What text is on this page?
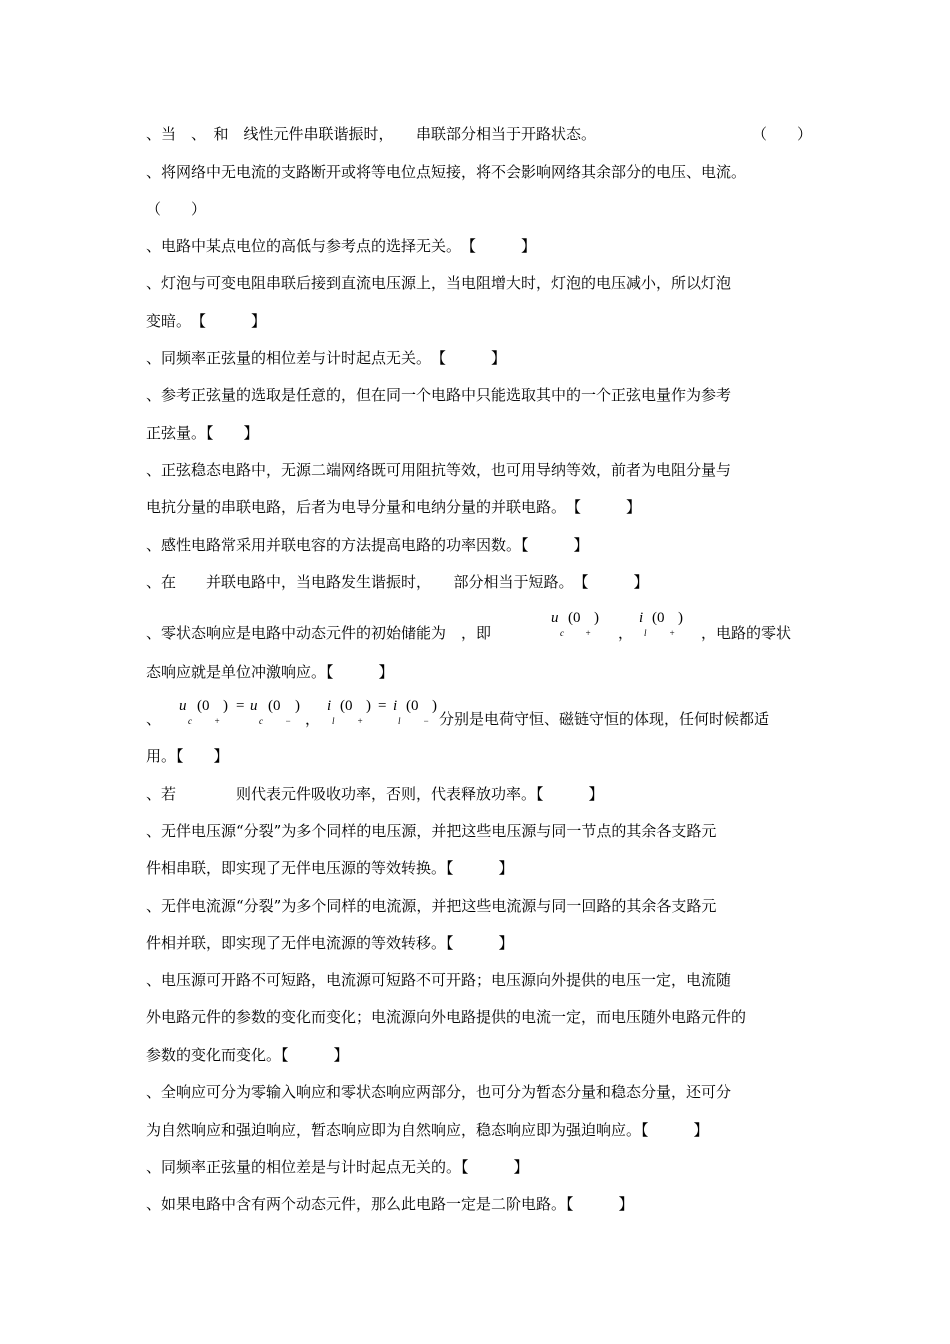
、当　、　和　线性元件串联谐振时，　　串联部分相当于开路状态。	（　　）
、将网络中无电流的支路断开或将等电位点短接，将不会影响网络其余部分的电压、电流。
（　　）
、电路中某点电位的高低与参考点的选择无关。　【　　　】
、灯泡与可变电阻串联后接到直流电压源上，当电阻增大时，灯泡的电压减小，所以灯泡
变暗。　【　　　】
、同频率正弦量的相位差与计时起点无关。　【　　　】
、参考正弦量的选取是任意的，但在同一个电路中只能选取其中的一个正弦电量作为参考
正弦量。【　　】
、正弦稳态电路中，无源二端网络既可用阻抗等效，也可用导纳等效，前者为电阻分量与
电抗分量的串联电路，后者为电导分量和电纳分量的并联电路。　【　　　】
、感性电路常采用并联电容的方法提高电路的功率因数。【　　　】
、在　　并联电路中，当电路发生谐振时，　　部分相当于短路。　【　　　】
、零状态响应是电路中动态元件的初始储能为　，即
u
c
(0
+
)
，
i
l
(0
+
)
，电路的零状
态响应就是单位冲激响应。【　　　】
、
u
c
(0
+
) = u
c
(0
−
)
，
i
l
(0
+
) = i
l
(0
−
)
分别是电荷守恒、磁链守恒的体现，任何时候都适
用。【　　】
、若　　　　则代表元件吸收功率，否则，代表释放功率。【　　　】
、无伴电压源“分裂”为多个同样的电压源，并把这些电压源与同一节点的其余各支路元
件相串联，即实现了无伴电压源的等效转换。【　　　】
、无伴电流源“分裂”为多个同样的电流源，并把这些电流源与同一回路的其余各支路元
件相并联，即实现了无伴电流源的等效转移。【　　　】
、电压源可开路不可短路，电流源可短路不可开路；电压源向外提供的电压一定，电流随
外电路元件的参数的变化而变化；电流源向外电路提供的电流一定，而电压随外电路元件的
参数的变化而变化。【　　　】
、全响应可分为零输入响应和零状态响应两部分，也可分为暂态分量和稳态分量，还可分
为自然响应和强迫响应，暂态响应即为自然响应，稳态响应即为强迫响应。【　　　】
、同频率正弦量的相位差是与计时起点无关的。【　　　】
、如果电路中含有两个动态元件，那么此电路一定是二阶电路。【　　　】
